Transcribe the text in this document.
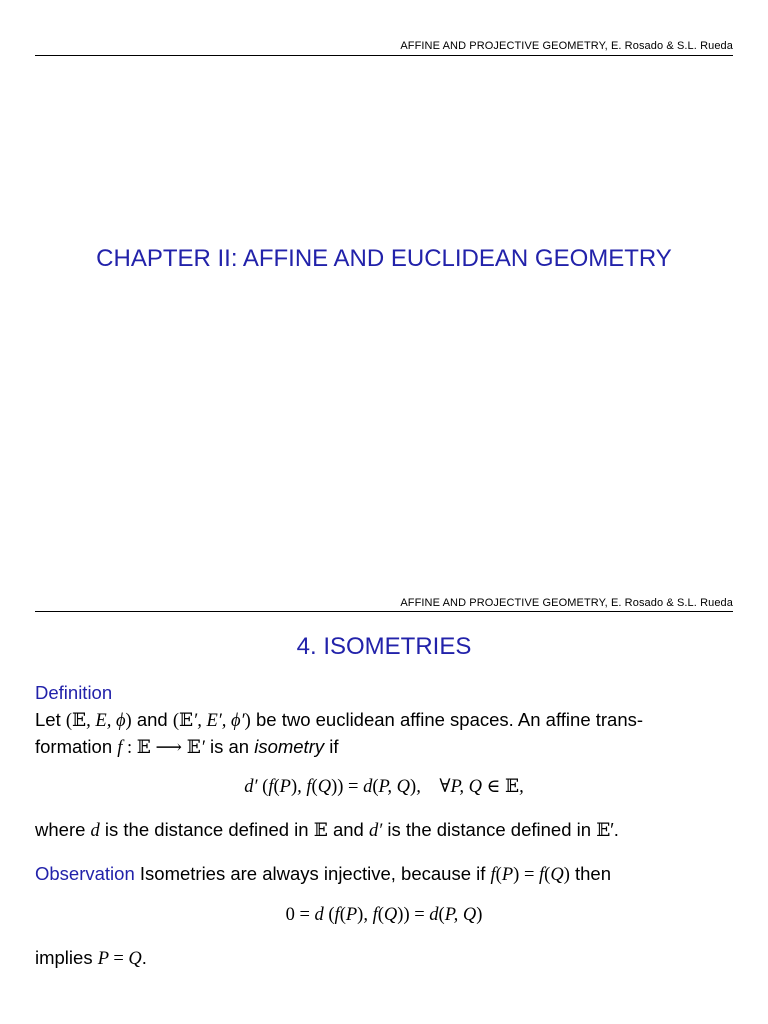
AFFINE AND PROJECTIVE GEOMETRY, E. Rosado & S.L. Rueda
CHAPTER II: AFFINE AND EUCLIDEAN GEOMETRY
AFFINE AND PROJECTIVE GEOMETRY, E. Rosado & S.L. Rueda
4. ISOMETRIES
Definition
Let (𝔼, E, ϕ) and (𝔼′, E′, ϕ′) be two euclidean affine spaces. An affine trans-
formation f : 𝔼 ⟶ 𝔼′ is an isometry if
d′ (f(P), f(Q)) = d(P, Q),    ∀P, Q ∈ 𝔼,
where d is the distance defined in 𝔼 and d′ is the distance defined in 𝔼′.
Observation Isometries are always injective, because if f(P) = f(Q) then
0 = d (f(P), f(Q)) = d(P, Q)
implies P = Q.
